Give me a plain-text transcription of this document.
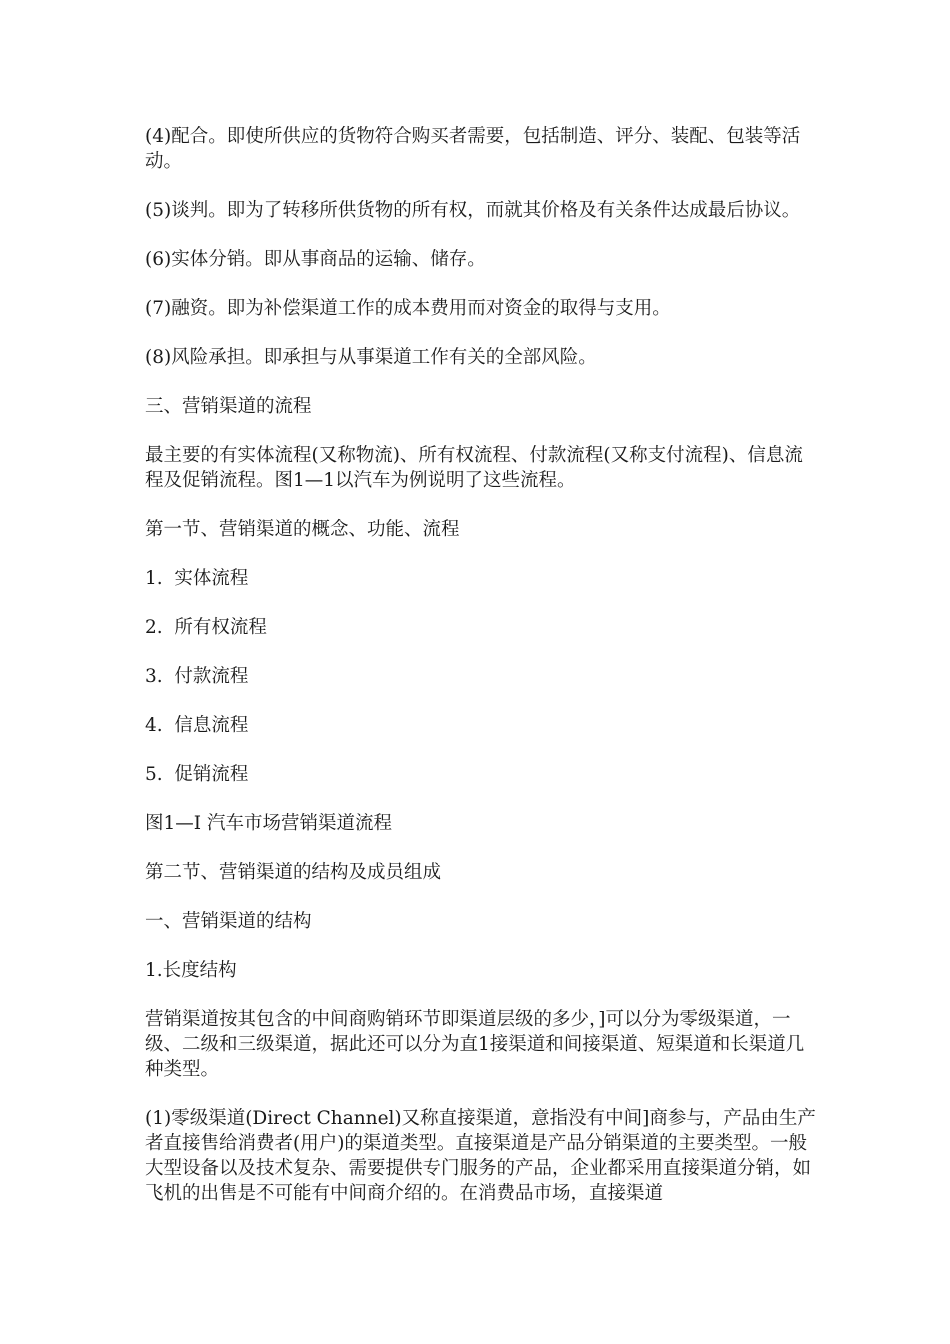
(4)配合。即使所供应的货物符合购买者需要，包括制造、评分、装配、包装等活动。

(5)谈判。即为了转移所供货物的所有权，而就其价格及有关条件达成最后协议。

(6)实体分销。即从事商品的运输、储存。

(7)融资。即为补偿渠道工作的成本费用而对资金的取得与支用。

(8)风险承担。即承担与从事渠道工作有关的全部风险。

三、营销渠道的流程

最主要的有实体流程(又称物流)、所有权流程、付款流程(又称支付流程)、信息流程及促销流程。图1—1以汽车为例说明了这些流程。

第一节、营销渠道的概念、功能、流程

1.  实体流程

2.  所有权流程

3.  付款流程

4.  信息流程

5.  促销流程

图1—I 汽车市场营销渠道流程

第二节、营销渠道的结构及成员组成

一、营销渠道的结构

1.长度结构

营销渠道按其包含的中间商购销环节即渠道层级的多少，]可以分为零级渠道，一级、二级和三级渠道，据此还可以分为直1接渠道和间接渠道、短渠道和长渠道几种类型。

(1)零级渠道(Direct Channel)又称直接渠道，意指没有中间]商参与，产品由生产者直接售给消费者(用户)的渠道类型。直接渠道是产品分销渠道的主要类型。一般大型设备以及技术复杂、需要提供专门服务的产品，企业都采用直接渠道分销，如飞机的出售是不可能有中间商介绍的。在消费品市场，直接渠道
